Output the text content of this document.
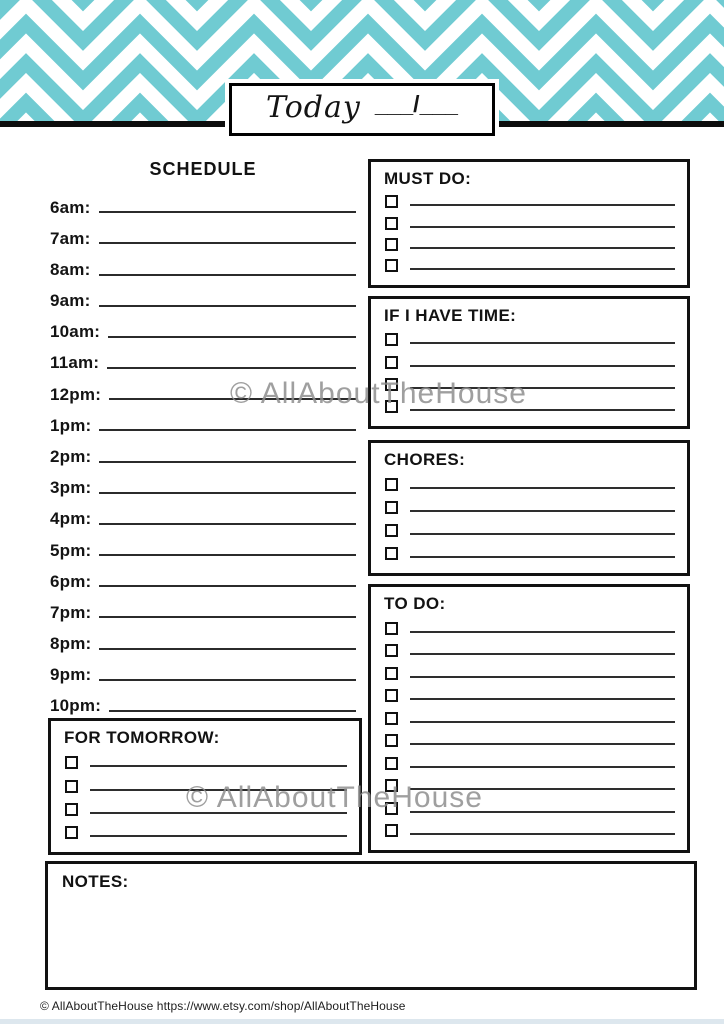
Today ___/___
SCHEDULE
6am:
7am:
8am:
9am:
10am:
11am:
12pm:
1pm:
2pm:
3pm:
4pm:
5pm:
6pm:
7pm:
8pm:
9pm:
10pm:
MUST DO:
IF I HAVE TIME:
CHORES:
TO DO:
FOR TOMORROW:
NOTES:
© AllAboutTheHouse
© AllAboutTheHouse
© AllAboutTheHouse https://www.etsy.com/shop/AllAboutTheHouse
